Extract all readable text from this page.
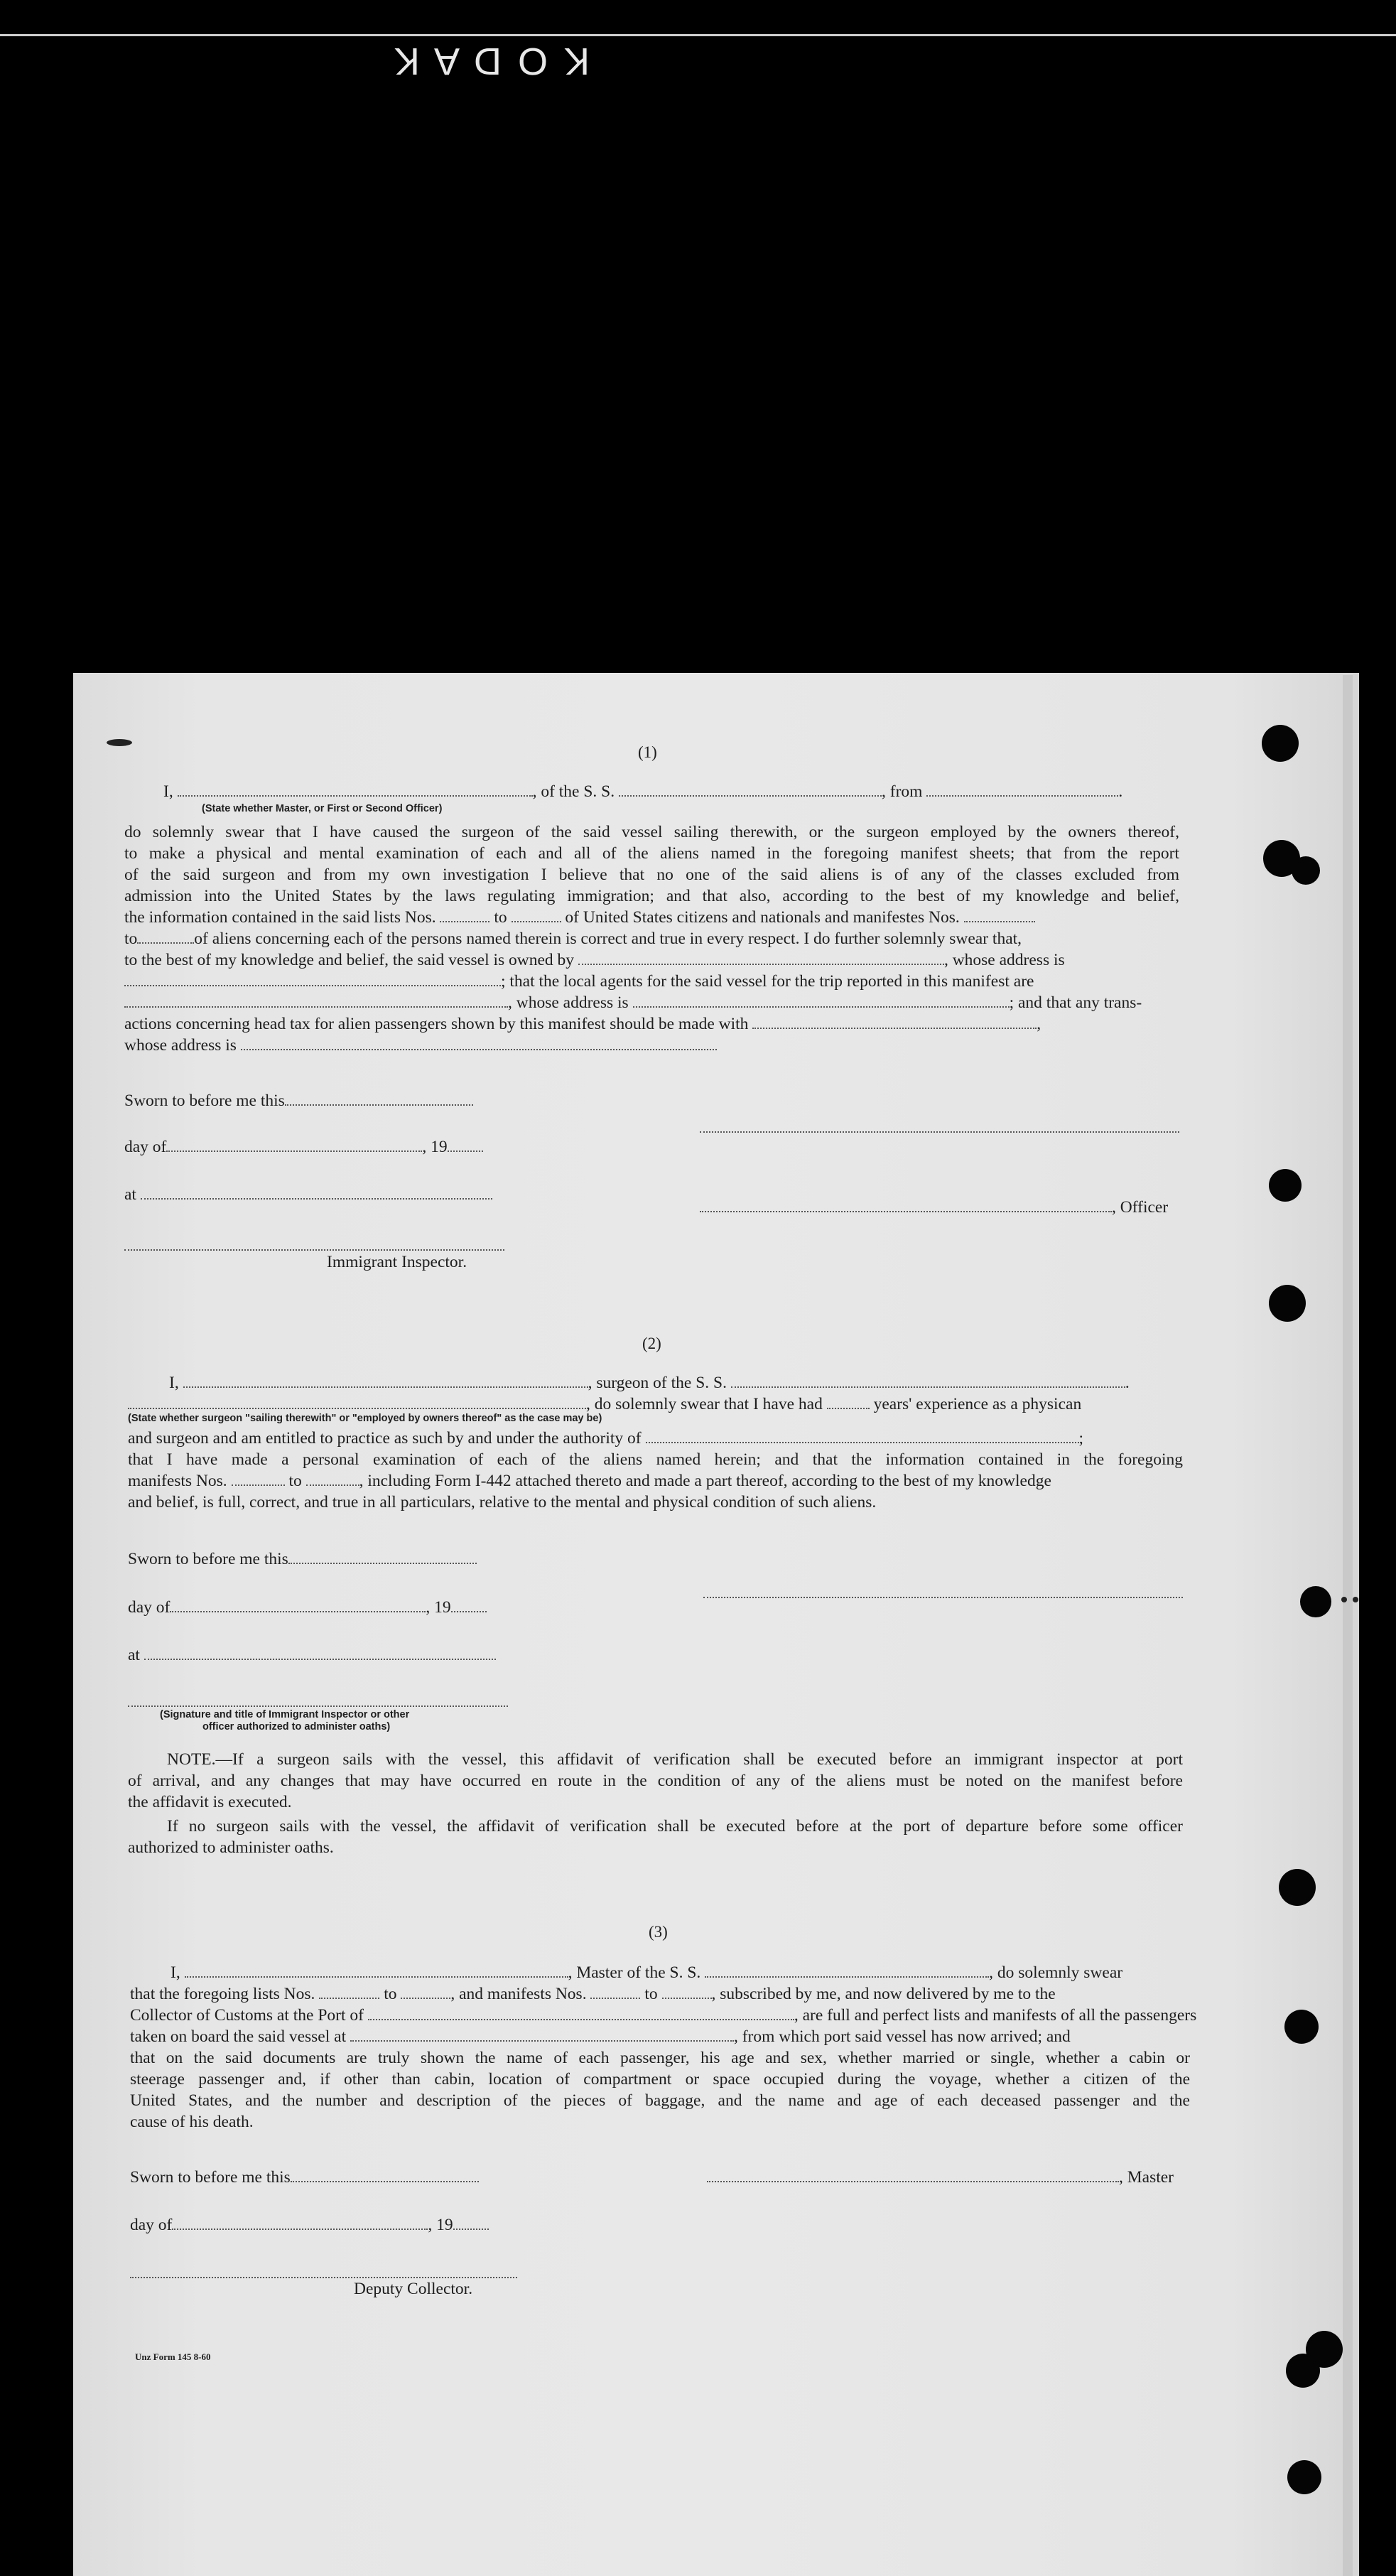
K O D A K
(1)
I,	, of the S. S.	, from	.
(State whether Master, or First or Second Officer)
do solemnly swear that I have caused the surgeon of the said vessel sailing therewith, or the surgeon employed by the owners thereof,
to make a physical and mental examination of each and all of the aliens named in the foregoing manifest sheets; that from the report
of the said surgeon and from my own investigation I believe that no one of the said aliens is of any of the classes excluded from
admission into the United States by the laws regulating immigration; and that also, according to the best of my knowledge and belief,
the information contained in the said lists Nos.	to	of United States citizens and nationals and manifestes Nos.
to	of aliens concerning each of the persons named therein is correct and true in every respect. I do further solemnly swear that,
to the best of my knowledge and belief, the said vessel is owned by	, whose address is
; that the local agents for the said vessel for the trip reported in this manifest are
, whose address is	; and that any trans-
actions concerning head tax for alien passengers shown by this manifest should be made with	,
whose address is
Sworn to before me this
day of	, 19
at
, Officer
Immigrant Inspector.
(2)
I,	, surgeon of the S. S.	.
, do solemnly swear that I have had	years' experience as a physican
(State whether surgeon "sailing therewith" or "employed by owners thereof" as the case may be)
and surgeon and am entitled to practice as such by and under the authority of	;
that I have made a personal examination of each of the aliens named herein; and that the information contained in the foregoing
manifests Nos.	to	, including Form I-442 attached thereto and made a part thereof, according to the best of my knowledge
and belief, is full, correct, and true in all particulars, relative to the mental and physical condition of such aliens.
Sworn to before me this
day of	, 19
at
(Signature and title of Immigrant Inspector or other
officer authorized to administer oaths)
NOTE.—If a surgeon sails with the vessel, this affidavit of verification shall be executed before an immigrant inspector at port
of arrival, and any changes that may have occurred en route in the condition of any of the aliens must be noted on the manifest before
the affidavit is executed.
If no surgeon sails with the vessel, the affidavit of verification shall be executed before at the port of departure before some officer
authorized to administer oaths.
(3)
I,	, Master of the S. S.	, do solemnly swear
that the foregoing lists Nos.	to	, and manifests Nos.	to	, subscribed by me, and now delivered by me to the
Collector of Customs at the Port of	, are full and perfect lists and manifests of all the passengers
taken on board the said vessel at	, from which port said vessel has now arrived; and
that on the said documents are truly shown the name of each passenger, his age and sex, whether married or single, whether a cabin or
steerage passenger and, if other than cabin, location of compartment or space occupied during the voyage, whether a citizen of the
United States, and the number and description of the pieces of baggage, and the name and age of each deceased passenger and the
cause of his death.
Sworn to before me this	, Master
day of	, 19
Deputy Collector.
Unz Form 145 8-60
